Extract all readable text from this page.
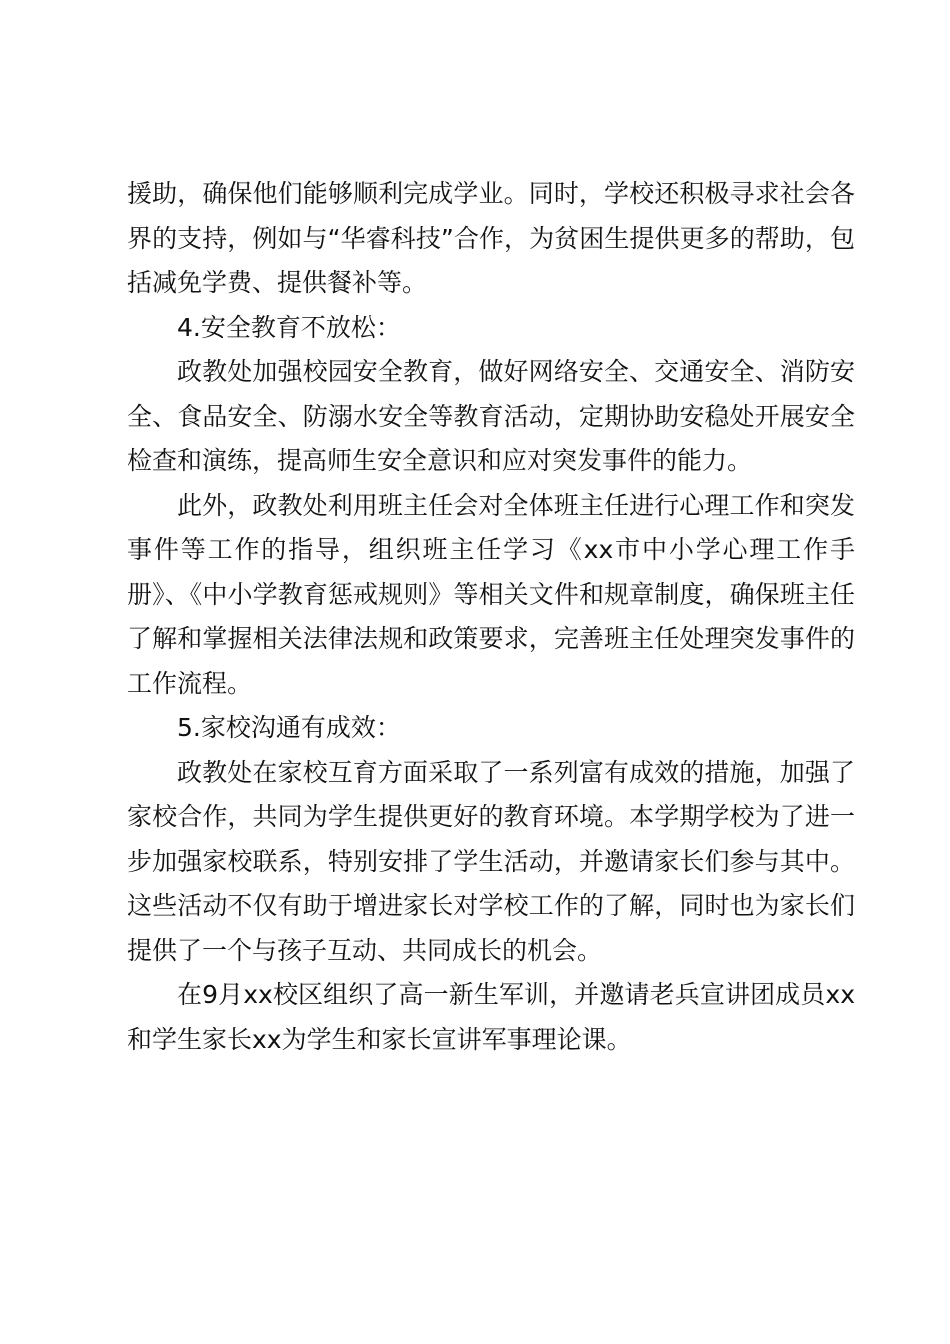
援助，确保他们能够顺利完成学业。同时，学校还积极寻求社会各界的支持，例如与“华睿科技”合作，为贫困生提供更多的帮助，包括减免学费、提供餐补等。

4.安全教育不放松：

政教处加强校园安全教育，做好网络安全、交通安全、消防安全、食品安全、防溺水安全等教育活动，定期协助安稳处开展安全检查和演练，提高师生安全意识和应对突发事件的能力。

此外，政教处利用班主任会对全体班主任进行心理工作和突发事件等工作的指导，组织班主任学习《xx市中小学心理工作手册》、《中小学教育惩戒规则》等相关文件和规章制度，确保班主任了解和掌握相关法律法规和政策要求，完善班主任处理突发事件的工作流程。

5.家校沟通有成效：

政教处在家校互育方面采取了一系列富有成效的措施，加强了家校合作，共同为学生提供更好的教育环境。本学期学校为了进一步加强家校联系，特别安排了学生活动，并邀请家长们参与其中。这些活动不仅有助于增进家长对学校工作的了解，同时也为家长们提供了一个与孩子互动、共同成长的机会。

在9月xx校区组织了高一新生军训，并邀请老兵宣讲团成员xx和学生家长xx为学生和家长宣讲军事理论课。
